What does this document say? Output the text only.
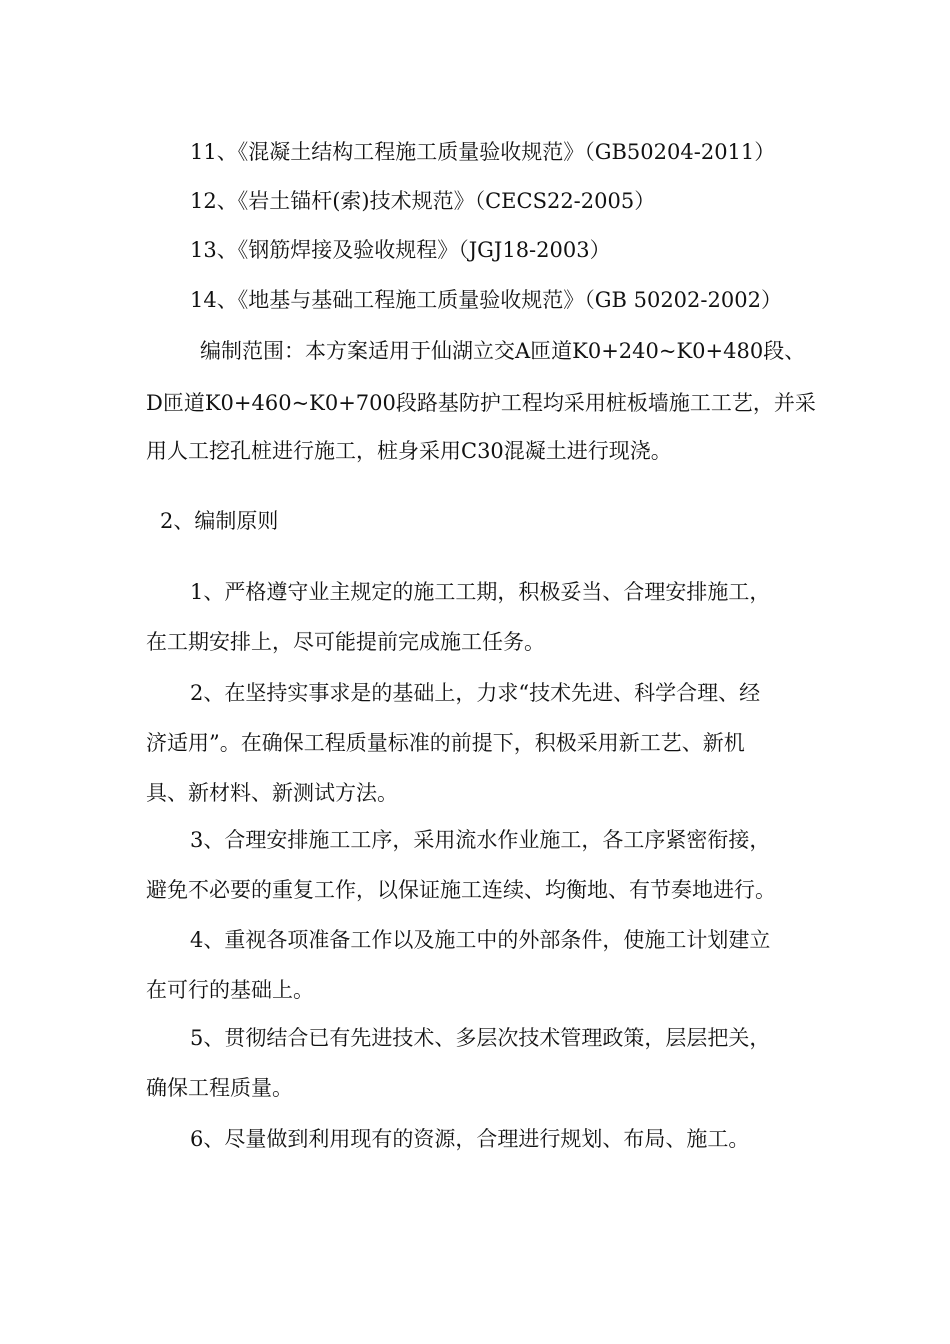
11、《混凝土结构工程施工质量验收规范》（GB50204-2011）
12、《岩土锚杆(索)技术规范》（CECS22-2005）
13、《钢筋焊接及验收规程》（JGJ18-2003）
14、《地基与基础工程施工质量验收规范》（GB 50202-2002）
编制范围：本方案适用于仙湖立交A匝道K0+240~K0+480段、
D匝道K0+460~K0+700段路基防护工程均采用桩板墙施工工艺，并采
用人工挖孔桩进行施工，桩身采用C30混凝土进行现浇。
2、编制原则
1、严格遵守业主规定的施工工期，积极妥当、合理安排施工，
在工期安排上，尽可能提前完成施工任务。
2、在坚持实事求是的基础上，力求“技术先进、科学合理、经
济适用”。在确保工程质量标准的前提下，积极采用新工艺、新机
具、新材料、新测试方法。
3、合理安排施工工序，采用流水作业施工，各工序紧密衔接，
避免不必要的重复工作，以保证施工连续、均衡地、有节奏地进行。
4、重视各项准备工作以及施工中的外部条件，使施工计划建立
在可行的基础上。
5、贯彻结合已有先进技术、多层次技术管理政策，层层把关，
确保工程质量。
6、尽量做到利用现有的资源，合理进行规划、布局、施工。
